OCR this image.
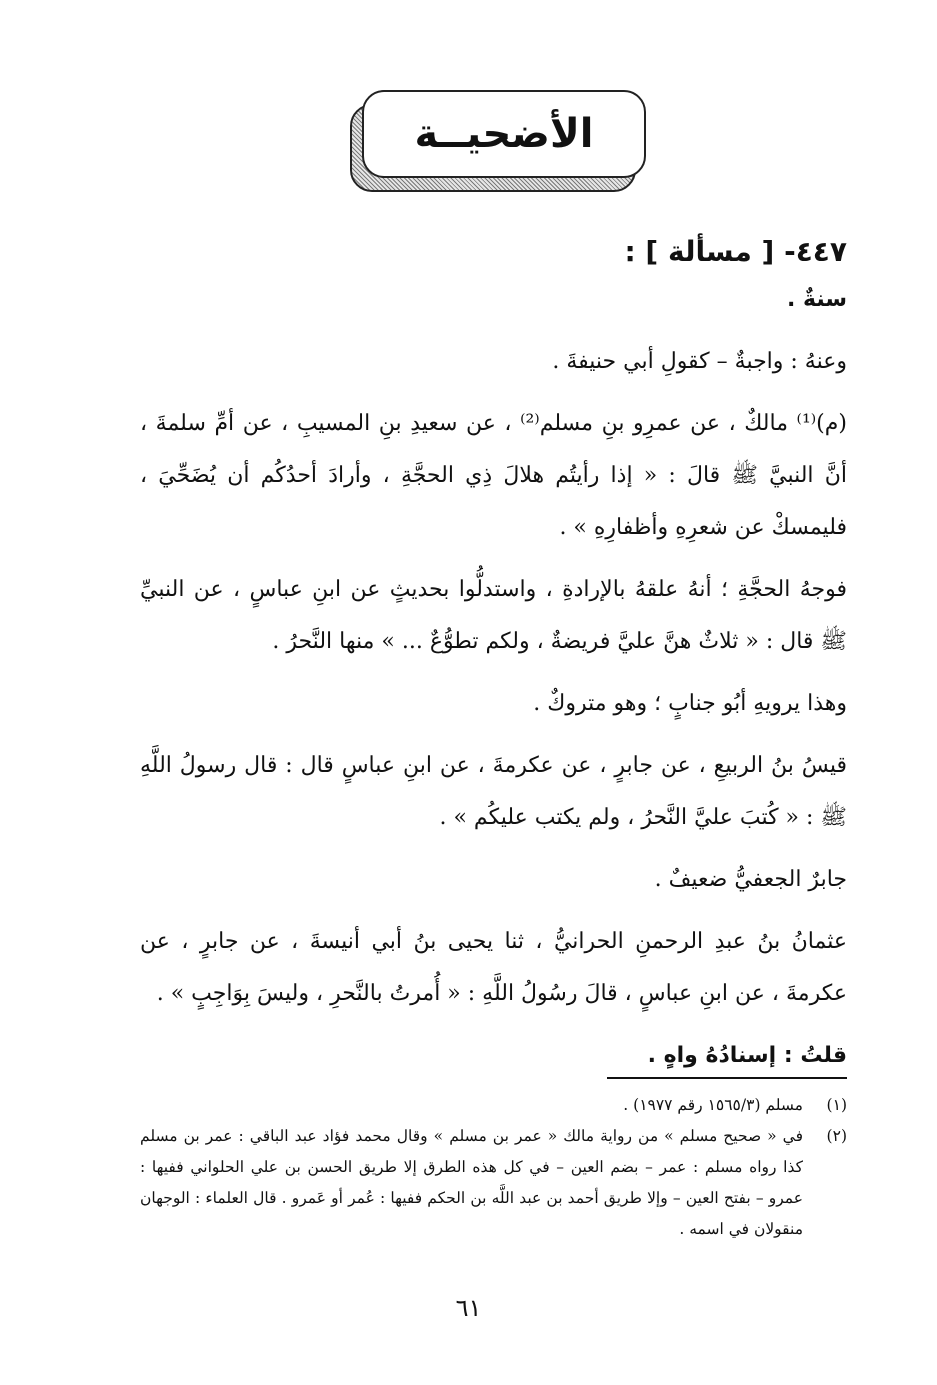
الأضحيــة

٤٤٧- [ مسألة ] :

سنةٌ .

وعنهُ : واجبةٌ – كقولِ أبي حنيفةَ .

(م)⁽¹⁾ مالكٌ ، عن عمرِو بنِ مسلم⁽²⁾ ، عن سعيدِ بنِ المسيبِ ، عن أمِّ سلمةَ ، أنَّ النبيَّ ﷺ قالَ : « إذا رأيتُم هلالَ ذِي الحجَّةِ ، وأرادَ أحدُكُم أن يُضَحِّيَ ، فليمسكْ عن شعرِهِ وأظفارِهِ » .

فوجهُ الحجَّةِ ؛ أنهُ علقهُ بالإرادةِ ، واستدلُّوا بحديثٍ عن ابنِ عباسٍ ، عن النبيِّ ﷺ قال : « ثلاثٌ هنَّ عليَّ فريضةٌ ، ولكم تطوُّعٌ ... » منها النَّحرُ .

وهذا يرويهِ أبُو جنابٍ ؛ وهو متروكٌ .

قيسُ بنُ الربيعِ ، عن جابرٍ ، عن عكرمةَ ، عن ابنِ عباسٍ قال : قال رسولُ اللَّهِ ﷺ : « كُتبَ عليَّ النَّحرُ ، ولم يكتب عليكُم » .

جابرٌ الجعفيُّ ضعيفٌ .

عثمانُ بنُ عبدِ الرحمنِ الحرانيُّ ، ثنا يحيى بنُ أبي أنيسةَ ، عن جابرٍ ، عن عكرمةَ ، عن ابنِ عباسٍ ، قالَ رسُولُ اللَّهِ : « أُمرتُ بالنَّحرِ ، وليسَ بِوَاجِبٍ » .

قلتُ : إسنادُهُ واهٍ .

(١)
مسلم (١٥٦٥/٣ رقم ١٩٧٧) .
(٢)
في « صحيح مسلم » من رواية مالك « عمر بن مسلم » وقال محمد فؤاد عبد الباقي : عمر بن مسلم كذا رواه مسلم : عمر – بضم العين – في كل هذه الطرق إلا طريق الحسن بن علي الحلواني ففيها : عمرو – بفتح العين – وإلا طريق أحمد بن عبد اللَّه بن الحكم ففيها : عُمر أو عَمرو . قال العلماء : الوجهان منقولان في اسمه .
٦١
